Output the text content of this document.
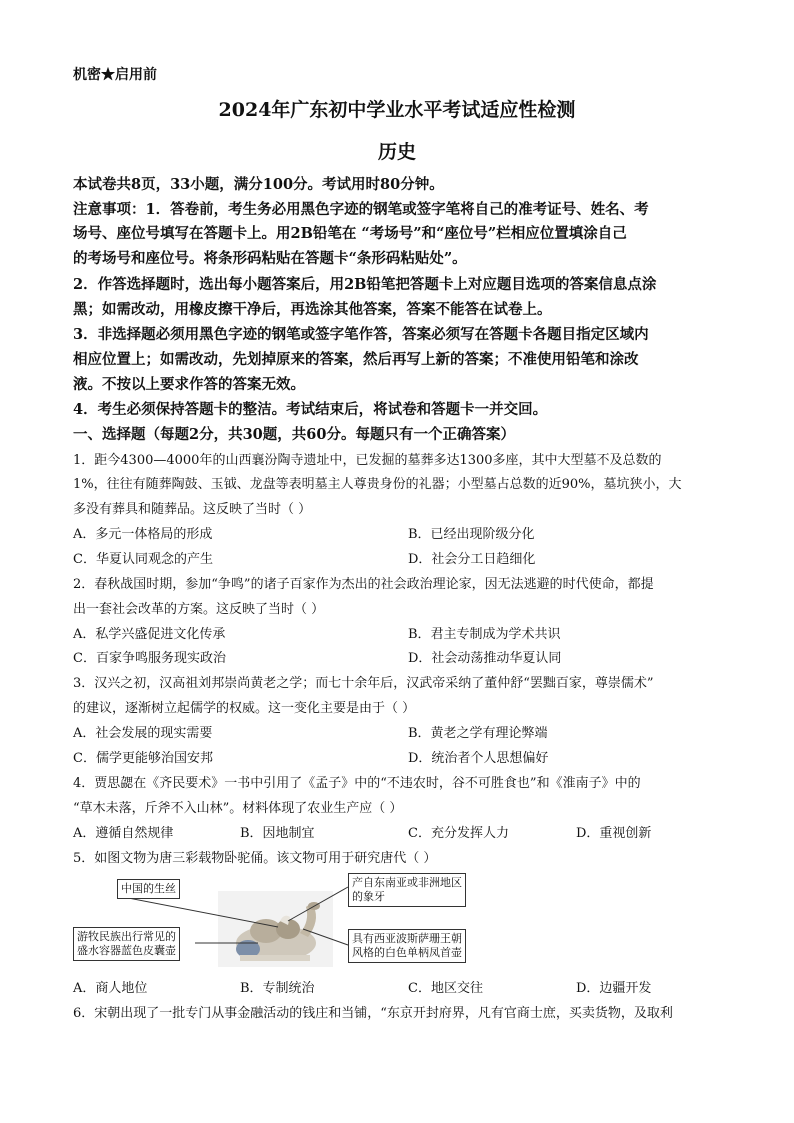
机密★启用前
2024年广东初中学业水平考试适应性检测
历史
本试卷共8页，33小题，满分100分。考试用时80分钟。
注意事项：1．答卷前，考生务必用黑色字迹的钢笔或签字笔将自己的准考证号、姓名、考
场号、座位号填写在答题卡上。用2B铅笔在 “考场号”和“座位号”栏相应位置填涂自己
的考场号和座位号。将条形码粘贴在答题卡“条形码粘贴处”。
2．作答选择题时，选出每小题答案后，用2B铅笔把答题卡上对应题目选项的答案信息点涂
黑；如需改动，用橡皮擦干净后，再选涂其他答案，答案不能答在试卷上。
3．非选择题必须用黑色字迹的钢笔或签字笔作答，答案必须写在答题卡各题目指定区域内
相应位置上；如需改动，先划掉原来的答案，然后再写上新的答案；不准使用铅笔和涂改
液。不按以上要求作答的答案无效。
4．考生必须保持答题卡的整洁。考试结束后，将试卷和答题卡一并交回。
一、选择题（每题2分，共30题，共60分。每题只有一个正确答案）
1．距今4300—4000年的山西襄汾陶寺遗址中，已发掘的墓葬多达1300多座，其中大型墓不及总数的
1%，往往有随葬陶鼓、玉钺、龙盘等表明墓主人尊贵身份的礼器；小型墓占总数的近90%，墓坑狭小，大
多没有葬具和随葬品。这反映了当时（ ）
A．多元一体格局的形成	B．已经出现阶级分化
C．华夏认同观念的产生	D．社会分工日趋细化
2．春秋战国时期，参加“争鸣”的诸子百家作为杰出的社会政治理论家，因无法逃避的时代使命，都提
出一套社会改革的方案。这反映了当时（ ）
A．私学兴盛促进文化传承	B．君主专制成为学术共识
C．百家争鸣服务现实政治	D．社会动荡推动华夏认同
3．汉兴之初，汉高祖刘邦崇尚黄老之学；而七十余年后，汉武帝采纳了董仲舒“罢黜百家，尊崇儒术”
的建议，逐渐树立起儒学的权威。这一变化主要是由于（ ）
A．社会发展的现实需要	B．黄老之学有理论弊端
C．儒学更能够治国安邦	D．统治者个人思想偏好
4．贾思勰在《齐民要术》一书中引用了《孟子》中的“不违农时，谷不可胜食也”和《淮南子》中的
“草木未落，斤斧不入山林”。材料体现了农业生产应（ ）
A．遵循自然规律	B．因地制宜	C．充分发挥人力	D．重视创新
5．如图文物为唐三彩载物卧驼俑。该文物可用于研究唐代（ ）
中国的生丝	产自东南亚或非洲地区
的象牙
游牧民族出行常见的
盛水容器蓝色皮囊壶
具有西亚波斯萨珊王朝
风格的白色单柄凤首壶
A．商人地位	B．专制统治	C．地区交往	D．边疆开发
6．宋朝出现了一批专门从事金融活动的钱庄和当铺，“东京开封府界，凡有官商士庶，买卖货物，及取利
